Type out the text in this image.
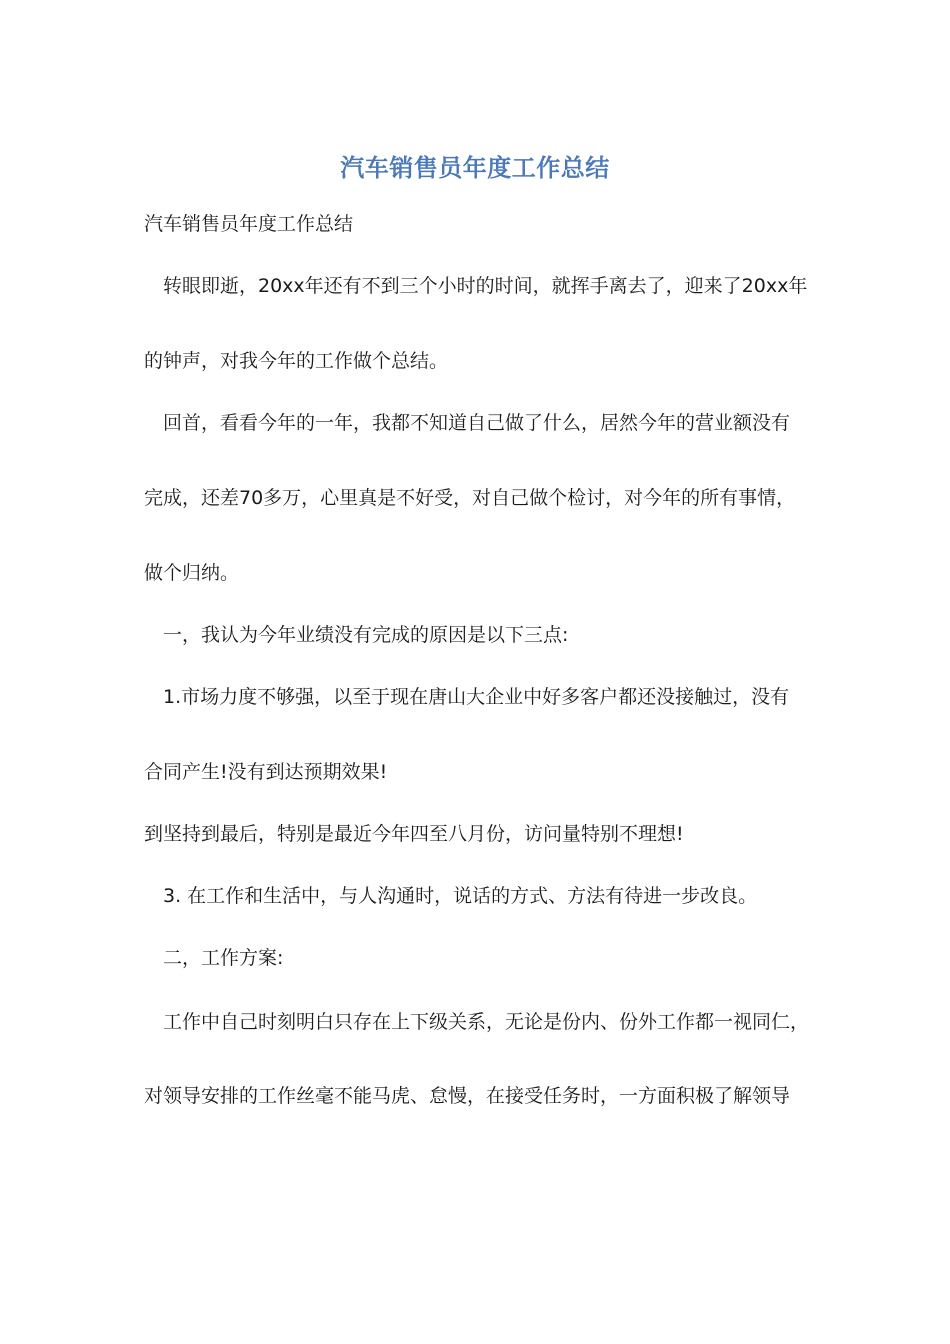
汽车销售员年度工作总结
汽车销售员年度工作总结
转眼即逝，20xx年还有不到三个小时的时间，就挥手离去了，迎来了20xx年
的钟声，对我今年的工作做个总结。
回首，看看今年的一年，我都不知道自己做了什么，居然今年的营业额没有
完成，还差70多万，心里真是不好受，对自己做个检讨，对今年的所有事情，
做个归纳。
一，我认为今年业绩没有完成的原因是以下三点:
1.市场力度不够强，以至于现在唐山大企业中好多客户都还没接触过，没有
合同产生!没有到达预期效果!
到坚持到最后，特别是最近今年四至八月份，访问量特别不理想!
3. 在工作和生活中，与人沟通时，说话的方式、方法有待进一步改良。
二，工作方案:
工作中自己时刻明白只存在上下级关系，无论是份内、份外工作都一视同仁，
对领导安排的工作丝毫不能马虎、怠慢，在接受任务时，一方面积极了解领导
